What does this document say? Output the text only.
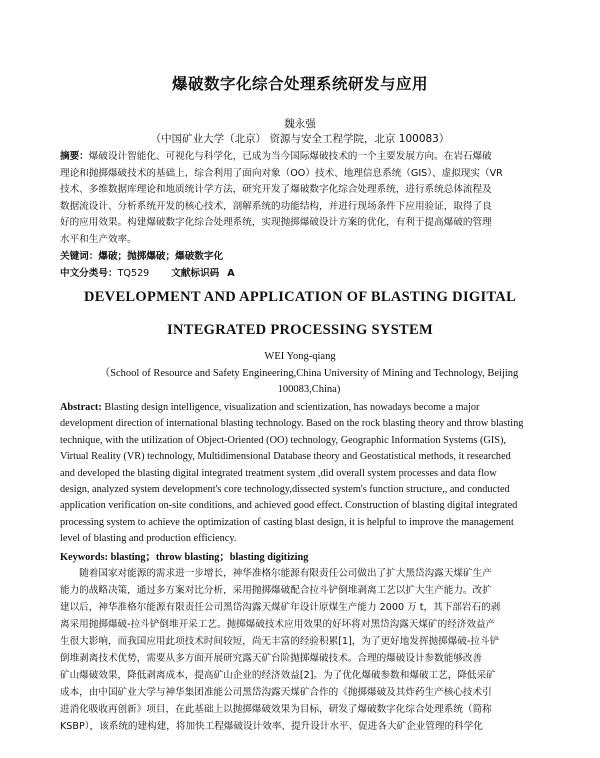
爆破数字化综合处理系统研发与应用
魏永强
（中国矿业大学（北京） 资源与安全工程学院，北京 100083）
摘要：爆破设计智能化、可视化与科学化，已成为当今国际爆破技术的一个主要发展方向。在岩石爆破
理论和抛掷爆破技术的基础上，综合利用了面向对象（OO）技术、地理信息系统（GIS）、虚拟现实（VR
技术、多维数据库理论和地质统计学方法，研究开发了爆破数字化综合处理系统，进行系统总体流程及
数据流设计、分析系统开发的核心技术，剖解系统的功能结构，并进行现场条件下应用验证，取得了良
好的应用效果。构建爆破数字化综合处理系统，实现抛掷爆破设计方案的优化，有利于提高爆破的管理
水平和生产效率。
关键词：爆破；抛掷爆破；爆破数字化
中文分类号：TQ529 文献标识码 A
DEVELOPMENT AND APPLICATION OF BLASTING DIGITAL
INTEGRATED PROCESSING SYSTEM
WEI Yong-qiang
（School of Resource and Safety Engineering,China University of Mining and Technology, Beijing
100083,China)
Abstract: Blasting design intelligence, visualization and scientization, has nowadays become a major
development direction of international blasting technology. Based on the rock blasting theory and throw blasting
technique, with the utilization of Object-Oriented (OO) technology, Geographic Information Systems (GIS),
Virtual Reality (VR) technology, Multidimensional Database theory and Geostatistical methods, it researched
and developed the blasting digital integrated treatment system ,did overall system processes and data flow
design, analyzed system development's core technology,dissected system's function structure,, and conducted
application verification on-site conditions, and achieved good effect. Construction of blasting digital integrated
processing system to achieve the optimization of casting blast design, it is helpful to improve the management
level of blasting and production efficiency.
Keywords: blasting；throw blasting；blasting digitizing
　　随着国家对能源的需求进一步增长，神华准格尔能源有限责任公司做出了扩大黑岱沟露天煤矿生产
能力的战略决策，通过多方案对比分析，采用抛掷爆破配合拉斗铲倒堆剥离工艺以扩大生产能力。改扩
建以后，神华准格尔能源有限责任公司黑岱沟露天煤矿年设计原煤生产能力 2000 万 t，其下部岩石的剥
离采用抛掷爆破-拉斗铲倒堆开采工艺。抛掷爆破技术应用效果的好坏将对黑岱沟露天煤矿的经济效益产
生很大影响，而我国应用此项技术时间较短，尚无丰富的经验积累[1]，为了更好地发挥抛掷爆破-拉斗铲
倒堆剥离技术优势，需要从多方面开展研究露天矿台阶抛掷爆破技术。合理的爆破设计参数能够改善
矿山爆破效果，降低剥离成本，提高矿山企业的经济效益[2]。为了优化爆破参数和爆破工艺，降低采矿
成本，由中国矿业大学与神华集团准能公司黑岱沟露天煤矿合作的《抛掷爆破及其炸药生产核心技术引
进消化吸收再创新》项目，在此基础上以抛掷爆破效果为目标，研发了爆破数字化综合处理系统（简称
KSBP），该系统的建构建，将加快工程爆破设计效率、提升设计水平、促进各大矿企业管理的科学化
